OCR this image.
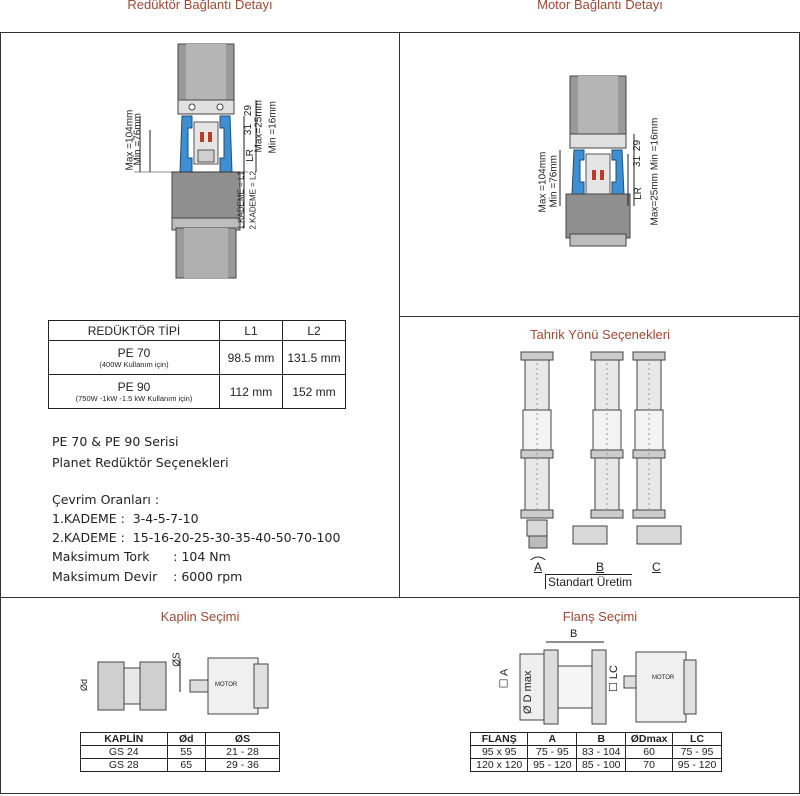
Redüktör Bağlantı Detayı	Motor Bağlantı Detayı
Tahrik Yönü Seçenekleri
Kaplin Seçimi	Flanş Seçimi
Max =104mm
Min =76mm
29
31 Max=25mm Min =16mm
LR
1.KADEME = L1 2.KADEME = L2	Max =104mm Min =76mm
29
31
LR Max=25mm Min =16mm
REDÜKTÖR TİPİ	L1	L2
PE 70
(400W Kullanım için)	98.5 mm	131.5 mm
PE 90
(750W -1kW -1.5 kW Kullanım için)	112 mm	152 mm
PE 70 & PE 90 Serisi
Planet Redüktör Seçenekleri
Çevrim Oranları :
1.KADEME :  3-4-5-7-10
2.KADEME :  15-16-20-25-30-35-40-50-70-100
Maksimum Tork      : 104 Nm
Maksimum Devir    : 6000 rpm
A	B	C
Standart Üretim
Ød
ØS
MOTOR
KAPLİN	Ød	ØS
GS 24	55	21 - 28
GS 28	65	29 - 36
B
☐ A Ø D max	☐ LC	MOTOR
FLANŞ	A	B	ØDmax	LC
95 x 95	75 - 95	83 - 104	60	75 - 95
120 x 120	95 - 120	85 - 100	70	95 - 120
